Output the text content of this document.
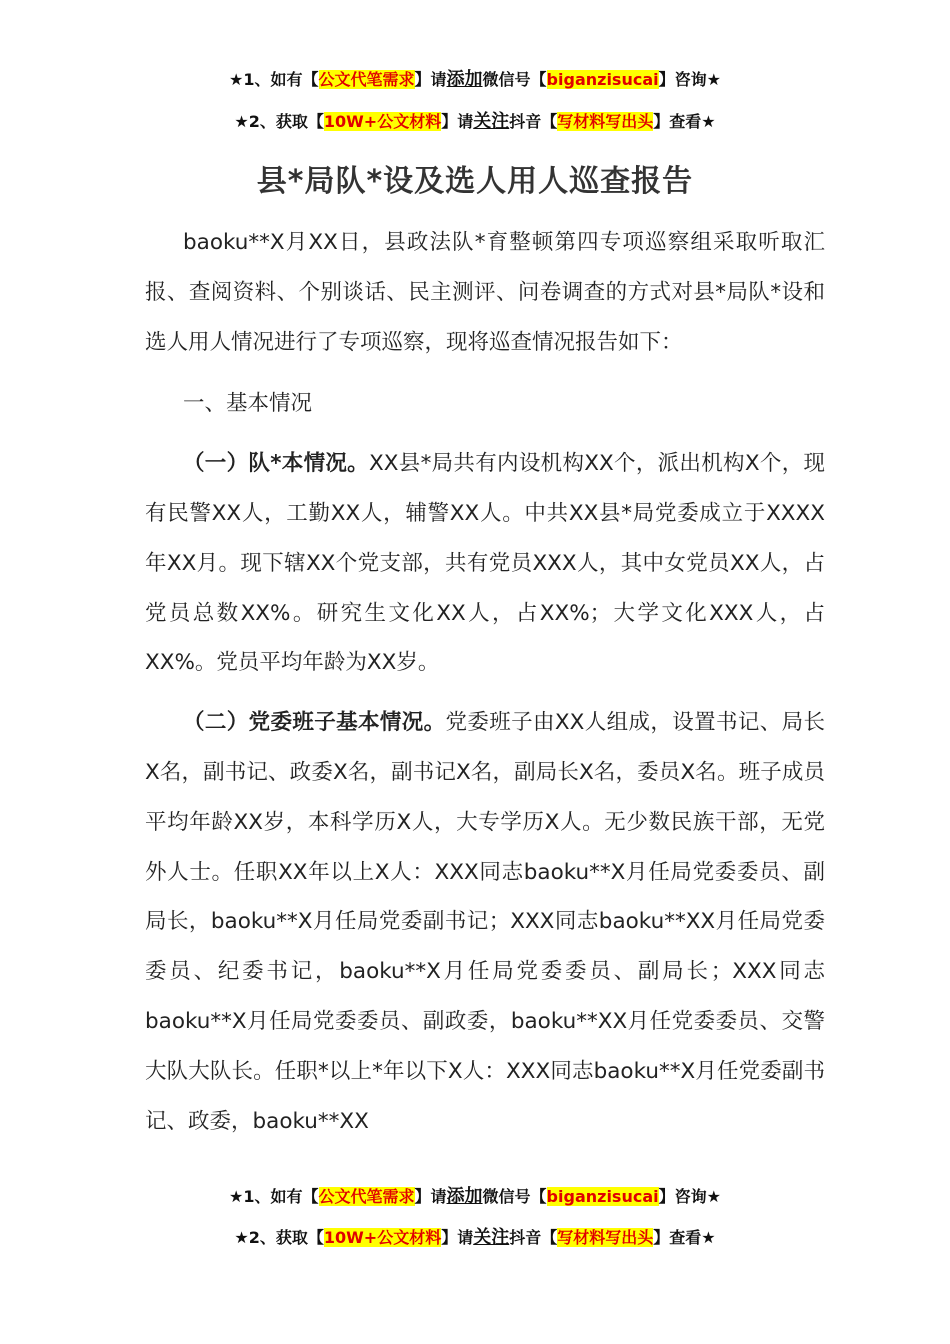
★1、如有【公文代笔需求】请添加微信号【biganzisucai】咨询★
★2、获取【10W+公文材料】请关注抖音【写材料写出头】查看★
县*局队*设及选人用人巡查报告

baoku**X月XX日，县政法队*育整顿第四专项巡察组采取听取汇报、查阅资料、个别谈话、民主测评、问卷调查的方式对县*局队*设和选人用人情况进行了专项巡察，现将巡查情况报告如下：

一、基本情况

（一）队*本情况。XX县*局共有内设机构XX个，派出机构X个，现有民警XX人，工勤XX人，辅警XX人。中共XX县*局党委成立于XXXX年XX月。现下辖XX个党支部，共有党员XXX人，其中女党员XX人，占党员总数XX%。研究生文化XX人，占XX%；大学文化XXX人，占XX%。党员平均年龄为XX岁。

（二）党委班子基本情况。党委班子由XX人组成，设置书记、局长X名，副书记、政委X名，副书记X名，副局长X名，委员X名。班子成员平均年龄XX岁，本科学历X人，大专学历X人。无少数民族干部，无党外人士。任职XX年以上X人：XXX同志baoku**X月任局党委委员、副局长，baoku**X月任局党委副书记；XXX同志baoku**XX月任局党委委员、纪委书记，baoku**X月任局党委委员、副局长；XXX同志baoku**X月任局党委委员、副政委，baoku**XX月任党委委员、交警大队大队长。任职*以上*年以下X人：XXX同志baoku**X月任党委副书记、政委，baoku**XX

★1、如有【公文代笔需求】请添加微信号【biganzisucai】咨询★
★2、获取【10W+公文材料】请关注抖音【写材料写出头】查看★
